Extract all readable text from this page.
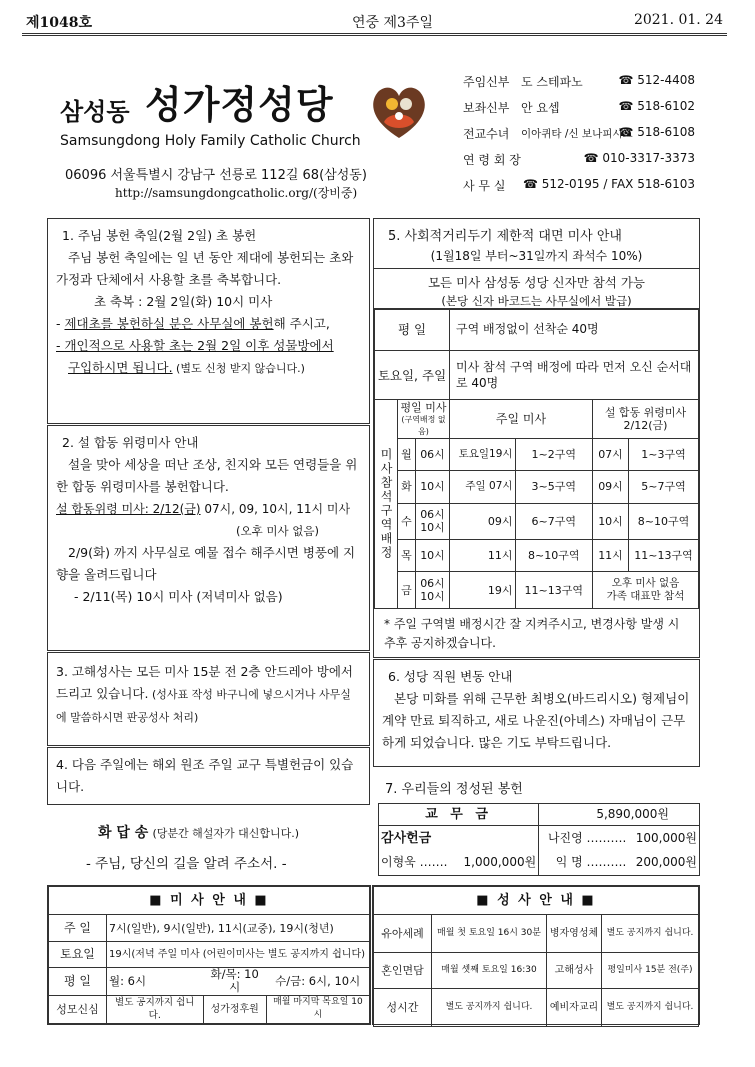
제1048호	연중 제3주일	2021. 01. 24
삼성동 성가정성당
Samsungdong Holy Family Catholic Church
06096 서울특별시 강남구 선릉로 112길 68(삼성동)
http://samsungdongcatholic.org/(장비중)
주임신부 도 스테파노	☎ 512-4408
보좌신부 안 요셉	☎ 518-6102
전교수녀 이아퀴타 /신 보나피시오
☎ 518-6108
연 령 회 장	☎ 010-3317-3373
사 무 실 ☎ 512-0195 / FAX 518-6103
1. 주님 봉헌 축일(2월 2일) 초 봉헌
주님 봉헌 축일에는 일 년 동안 제대에 봉헌되는 초와 가정과 단체에서 사용할 초를 축복합니다.
초 축복 : 2월 2일(화) 10시 미사
- 제대초를 봉헌하실 분은 사무실에 봉헌해 주시고,
- 개인적으로 사용할 초는 2월 2일 이후 성물방에서
구입하시면 됩니다. (별도 신청 받지 않습니다.)
2. 설 합동 위령미사 안내
설을 맞아 세상을 떠난 조상, 친지와 모든 연령들을 위한 합동 위령미사를 봉헌합니다.
설 합동위령 미사: 2/12(금) 07시, 09, 10시, 11시 미사
(오후 미사 없음)
2/9(화) 까지 사무실로 예물 접수 해주시면 병풍에 지향을 올려드립니다
- 2/11(목) 10시 미사 (저녁미사 없음)
3. 고해성사는 모든 미사 15분 전 2층 안드레아 방에서 드리고 있습니다. (성사표 작성 바구니에 넣으시거나 사무실에 말씀하시면 판공성사 처리)
4. 다음 주일에는 해외 원조 주일 교구 특별헌금이 있습니다.
화 답 송 (당분간 해설자가 대신합니다.)
- 주님, 당신의 길을 알려 주소서. -
5. 사회적거리두기 제한적 대면 미사 안내
(1월18일 부터~31일까지 좌석수 10%)
모든 미사 삼성동 성당 신자만 참석 가능
(본당 신자 바코드는 사무실에서 발급)
평 일			구역 배정없이 선착순 40명			
토요일, 주일			미사 참석 구역 배정에 따라 먼저 오신 순서대로 40명			
미사참석구역배정	평일 미사
(구역배정 없음)		주일 미사		설 합동 위령미사
2/12(금)	
	월	06시	토요일19시	1~2구역	07시	1~3구역
	화	10시	주일 07시	3~5구역	09시	5~7구역
	수	06시
10시	09시	6~7구역	10시	8~10구역
	목	10시	11시	8~10구역	11시	11~13구역
	금	06시
10시	19시	11~13구역	오후 미사 없음
가족 대표만 참석	
* 주일 구역별 배정시간 잘 지켜주시고, 변경사항 발생 시 추후 공지하겠습니다.
6. 성당 직원 변동 안내
본당 미화를 위해 근무한 최병오(바드리시오) 형제님이 계약 만료 퇴직하고, 새로 나운진(아녜스) 자매님이 근무하게 되었습니다. 많은 기도 부탁드립니다.
7. 우리들의 정성된 봉헌
교 무 금		5,890,000원	
감사헌금		나진영 ……….	100,000원
이형욱 …….	1,000,000원	익 명 ……….	200,000원
■ 미 사 안 내 ■			
주 일	7시(일반), 9시(일반), 11시(교중), 19시(청년)		
토요일	19시(저녁 주일 미사 (어린이미사는 별도 공지까지 쉽니다)		
평 일	월: 6시	화/목: 10시	수/금: 6시, 10시
성모신심	별도 공지까지 쉽니다.	성가정후원	매월 마지막 목요일 10시
■ 성 사 안 내 ■			
유아세례	매월 첫 토요일 16시 30분	병자영성체	별도 공지까지 쉽니다.
혼인면담	매월 셋째 토요일 16:30	고해성사	평일미사 15분 전(주)
성시간	별도 공지까지 쉽니다.	예비자교리	별도 공지까지 쉽니다.
